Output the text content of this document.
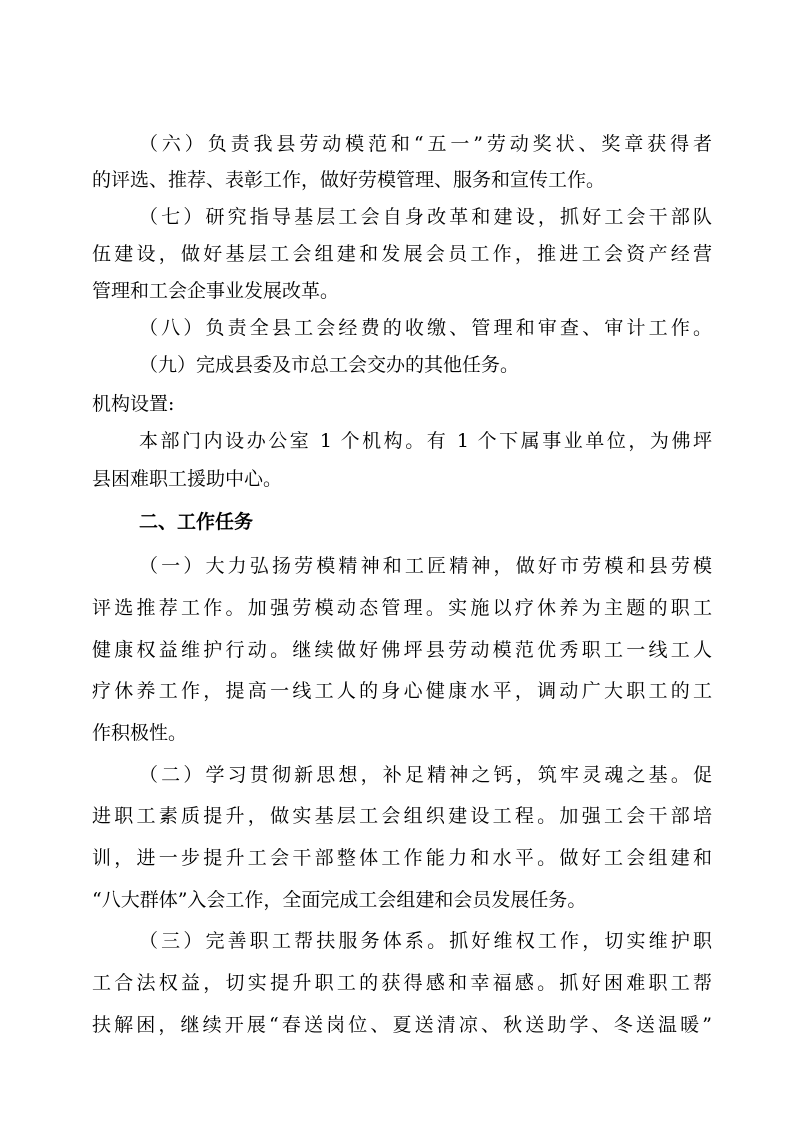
（六）负责我县劳动模范和“五一”劳动奖状、奖章获得者
的评选、推荐、表彰工作，做好劳模管理、服务和宣传工作。
（七）研究指导基层工会自身改革和建设，抓好工会干部队
伍建设，做好基层工会组建和发展会员工作，推进工会资产经营
管理和工会企事业发展改革。
（八）负责全县工会经费的收缴、管理和审查、审计工作。
（九）完成县委及市总工会交办的其他任务。
机构设置:
本部门内设办公室 1 个机构。有 1 个下属事业单位，为佛坪
县困难职工援助中心。
二、工作任务
（一）大力弘扬劳模精神和工匠精神，做好市劳模和县劳模
评选推荐工作。加强劳模动态管理。实施以疗休养为主题的职工
健康权益维护行动。继续做好佛坪县劳动模范优秀职工一线工人
疗休养工作，提高一线工人的身心健康水平，调动广大职工的工
作积极性。
（二）学习贯彻新思想，补足精神之钙，筑牢灵魂之基。促
进职工素质提升，做实基层工会组织建设工程。加强工会干部培
训，进一步提升工会干部整体工作能力和水平。做好工会组建和
“八大群体”入会工作，全面完成工会组建和会员发展任务。
（三）完善职工帮扶服务体系。抓好维权工作，切实维护职
工合法权益，切实提升职工的获得感和幸福感。抓好困难职工帮
扶解困，继续开展“春送岗位、夏送清凉、秋送助学、冬送温暖”
